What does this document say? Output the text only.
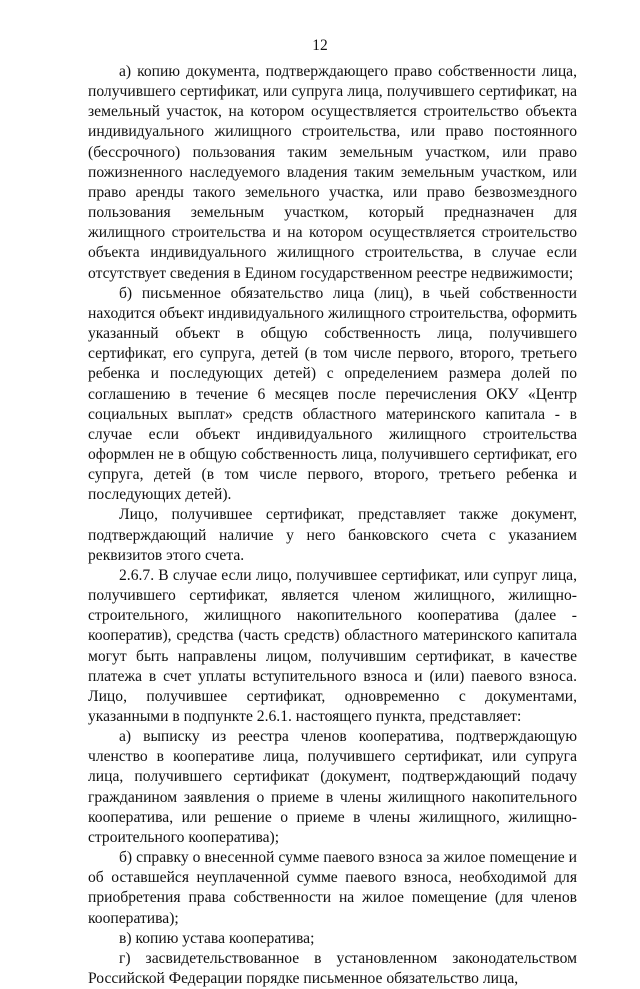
12

а) копию документа, подтверждающего право собственности лица, получившего сертификат, или супруга лица, получившего сертификат, на земельный участок, на котором осуществляется строительство объекта индивидуального жилищного строительства, или право постоянного (бессрочного) пользования таким земельным участком, или право пожизненного наследуемого владения таким земельным участком, или право аренды такого земельного участка, или право безвозмездного пользования земельным участком, который предназначен для жилищного строительства и на котором осуществляется строительство объекта индивидуального жилищного строительства, в случае если отсутствует сведения в Едином государственном реестре недвижимости;

б) письменное обязательство лица (лиц), в чьей собственности находится объект индивидуального жилищного строительства, оформить указанный объект в общую собственность лица, получившего сертификат, его супруга, детей (в том числе первого, второго, третьего ребенка и последующих детей) с определением размера долей по соглашению в течение 6 месяцев после перечисления ОКУ «Центр социальных выплат» средств областного материнского капитала - в случае если объект индивидуального жилищного строительства оформлен не в общую собственность лица, получившего сертификат, его супруга, детей (в том числе первого, второго, третьего ребенка и последующих детей).

Лицо, получившее сертификат, представляет также документ, подтверждающий наличие у него банковского счета с указанием реквизитов этого счета.

2.6.7. В случае если лицо, получившее сертификат, или супруг лица, получившего сертификат, является членом жилищного, жилищно-строительного, жилищного накопительного кооператива (далее - кооператив), средства (часть средств) областного материнского капитала могут быть направлены лицом, получившим сертификат, в качестве платежа в счет уплаты вступительного взноса и (или) паевого взноса. Лицо, получившее сертификат, одновременно с документами, указанными в подпункте 2.6.1. настоящего пункта, представляет:

а) выписку из реестра членов кооператива, подтверждающую членство в кооперативе лица, получившего сертификат, или супруга лица, получившего сертификат (документ, подтверждающий подачу гражданином заявления о приеме в члены жилищного накопительного кооператива, или решение о приеме в члены жилищного, жилищно-строительного кооператива);

б) справку о внесенной сумме паевого взноса за жилое помещение и об оставшейся неуплаченной сумме паевого взноса, необходимой для приобретения права собственности на жилое помещение (для членов кооператива);

в) копию устава кооператива;

г) засвидетельствованное в установленном законодательством Российской Федерации порядке письменное обязательство лица,
